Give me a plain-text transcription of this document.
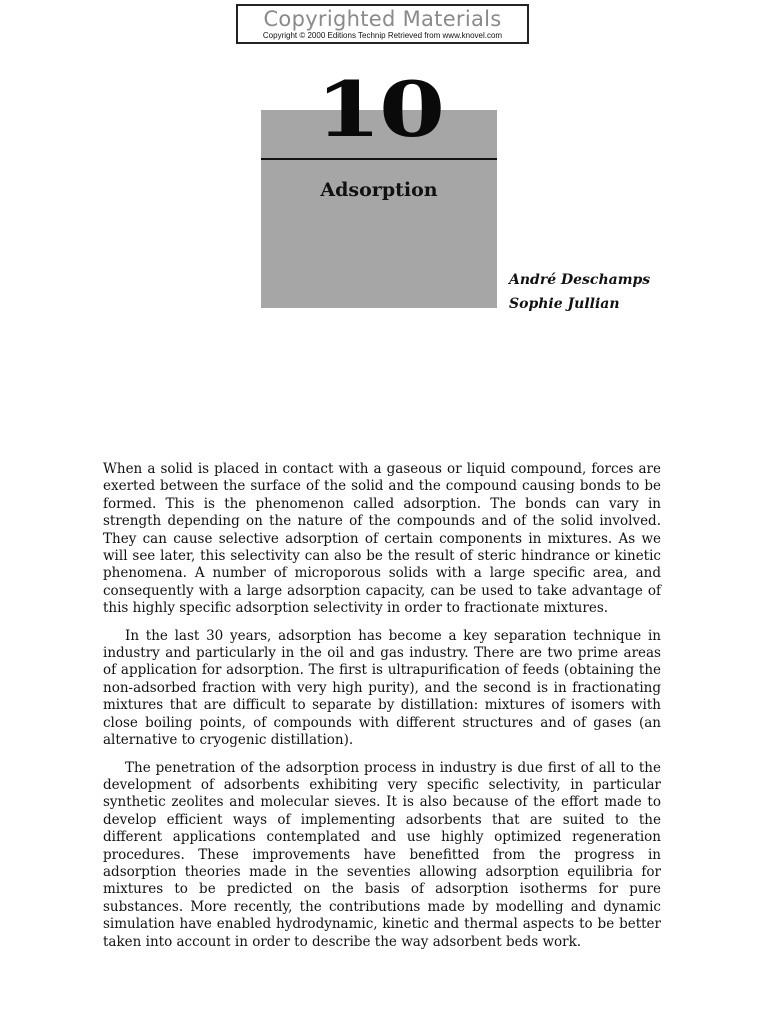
Copyrighted Materials
Copyright © 2000 Editions Technip Retrieved from www.knovel.com
10
Adsorption
André Deschamps
Sophie Jullian

When a solid is placed in contact with a gaseous or liquid compound, forces are exerted between the surface of the solid and the compound causing bonds to be formed. This is the phenomenon called adsorption. The bonds can vary in strength depending on the nature of the compounds and of the solid involved. They can cause selective adsorption of certain components in mixtures. As we will see later, this selectivity can also be the result of steric hindrance or kinetic phenomena. A number of microporous solids with a large specific area, and consequently with a large adsorption capacity, can be used to take advantage of this highly specific adsorption selectivity in order to fractionate mixtures.

In the last 30 years, adsorption has become a key separation technique in industry and particularly in the oil and gas industry. There are two prime areas of application for adsorption. The first is ultrapurification of feeds (obtaining the non-adsorbed fraction with very high purity), and the second is in fractionating mixtures that are difficult to separate by distillation: mixtures of isomers with close boiling points, of compounds with different structures and of gases (an alternative to cryogenic distillation).

The penetration of the adsorption process in industry is due first of all to the development of adsorbents exhibiting very specific selectivity, in particular synthetic zeolites and molecular sieves. It is also because of the effort made to develop efficient ways of implementing adsorbents that are suited to the different applications contemplated and use highly optimized regeneration procedures. These improvements have benefitted from the progress in adsorption theories made in the seventies allowing adsorption equilibria for mixtures to be predicted on the basis of adsorption isotherms for pure substances. More recently, the contributions made by modelling and dynamic simulation have enabled hydrodynamic, kinetic and thermal aspects to be better taken into account in order to describe the way adsorbent beds work.
